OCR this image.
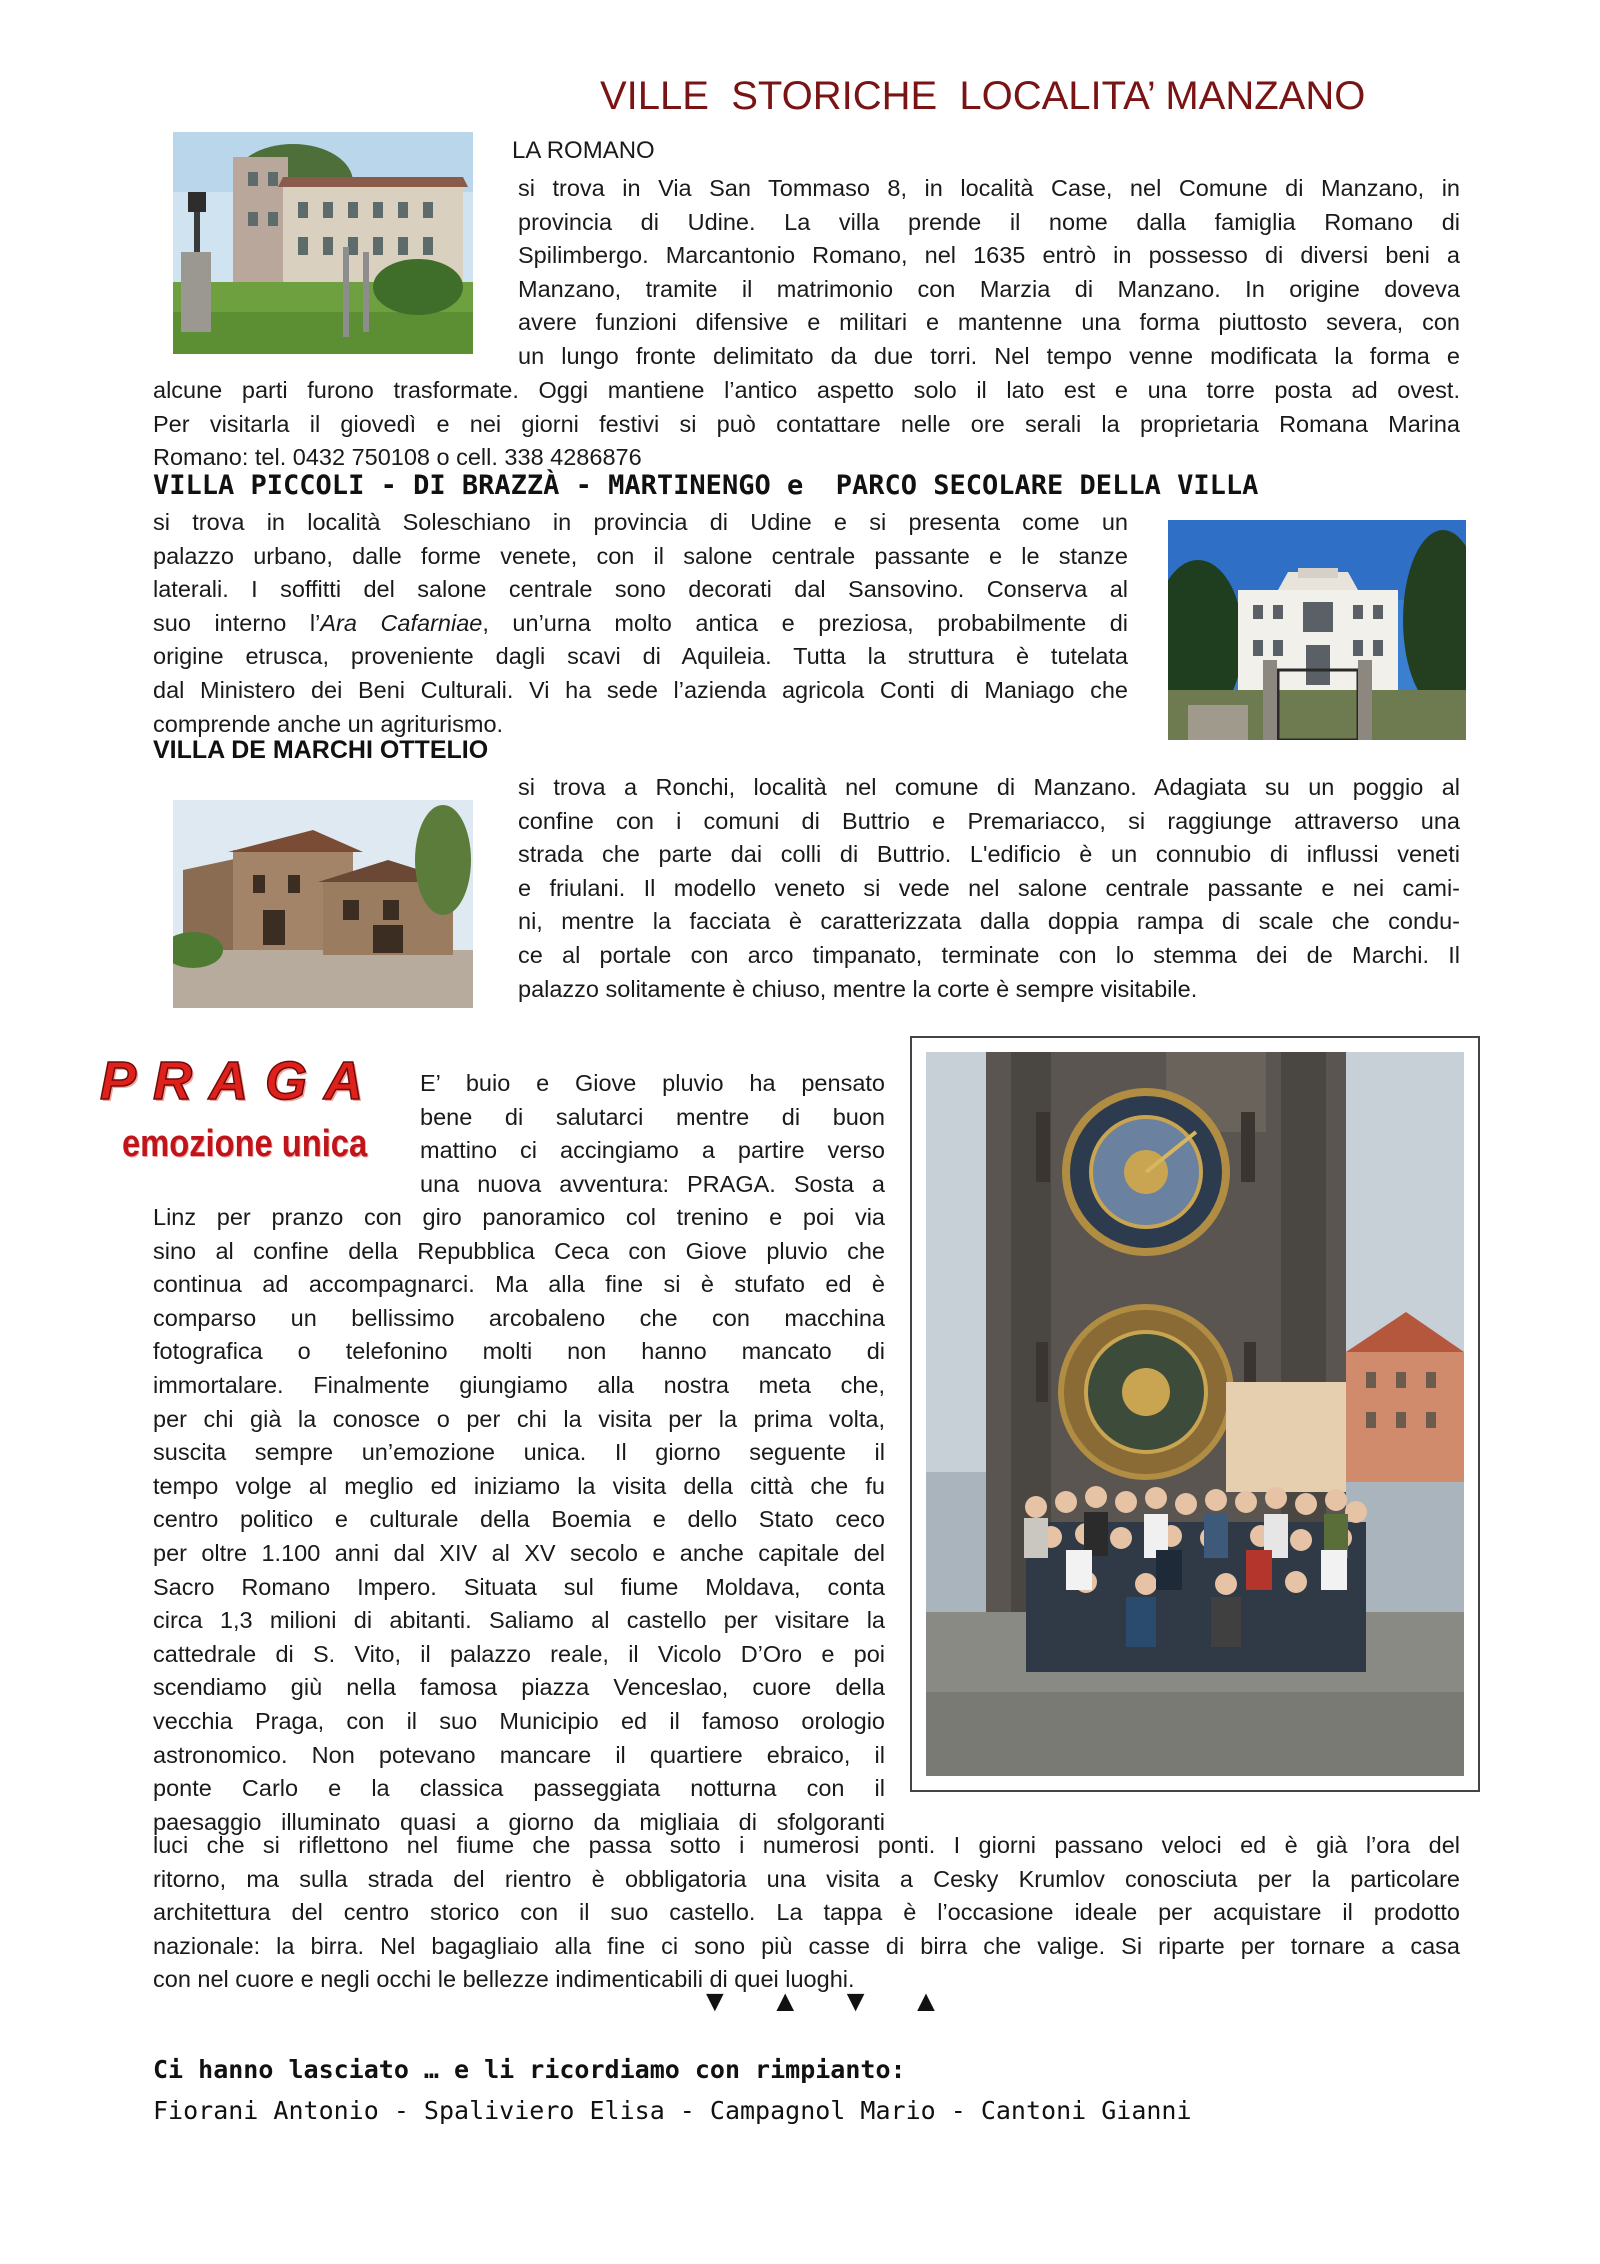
VILLE  STORICHE  LOCALITA’ MANZANO
LA ROMANO
si trova in Via San Tommaso 8, in località Case, nel Comune di Manzano, in
provincia di Udine. La villa prende il nome dalla famiglia Romano di
Spilimbergo. Marcantonio Romano, nel 1635 entrò in possesso di diversi beni a
Manzano, tramite il matrimonio con Marzia di Manzano. In origine doveva
avere funzioni difensive e militari e mantenne una forma piuttosto severa, con
un lungo fronte delimitato da due torri. Nel tempo venne modificata la forma e
alcune parti furono trasformate. Oggi mantiene l’antico aspetto solo il lato est e una torre posta ad ovest.
Per visitarla il giovedì e nei giorni festivi si può contattare nelle ore serali la proprietaria Romana Marina
Romano: tel. 0432 750108 o cell. 338 4286876
VILLA PICCOLI - DI BRAZZÀ - MARTINENGO e  PARCO SECOLARE DELLA VILLA
si trova in località Soleschiano in provincia di Udine e si presenta come un
palazzo urbano, dalle forme venete, con il salone centrale passante e le stanze
laterali. I soffitti del salone centrale sono decorati dal Sansovino. Conserva al
suo interno l’Ara Cafarniae, un’urna molto antica e preziosa, probabilmente di
origine etrusca, proveniente dagli scavi di Aquileia. Tutta la struttura è tutelata
dal Ministero dei Beni Culturali. Vi ha sede l’azienda agricola Conti di Maniago che
comprende anche un agriturismo.
VILLA DE MARCHI OTTELIO
si trova a Ronchi, località nel comune di Manzano. Adagiata su un poggio al
confine con i comuni di Buttrio e Premariacco, si raggiunge attraverso una
strada che parte dai colli di Buttrio. L'edificio è un connubio di influssi veneti
e friulani. Il modello veneto si vede nel salone centrale passante e nei cami-
ni, mentre la facciata è caratterizzata dalla doppia rampa di scale che condu-
ce al portale con arco timpanato, terminate con lo stemma dei de Marchi. Il
palazzo solitamente è chiuso, mentre la corte è sempre visitabile.
P R A G A
emozione unica
E’ buio e Giove pluvio ha pensato
bene di salutarci mentre di buon
mattino ci accingiamo a partire verso
una nuova avventura: PRAGA. Sosta a
Linz per pranzo con giro panoramico col trenino e poi via
sino al confine della Repubblica Ceca con Giove pluvio che
continua ad accompagnarci. Ma alla fine si è stufato ed è
comparso un bellissimo arcobaleno che con macchina
fotografica o telefonino molti non hanno mancato di
immortalare. Finalmente giungiamo alla nostra meta che,
per chi già la conosce o per chi la visita per la prima volta,
suscita sempre un’emozione unica. Il giorno seguente il
tempo volge al meglio ed iniziamo la visita della città che fu
centro politico e culturale della Boemia e dello Stato ceco
per oltre 1.100 anni dal XIV al XV secolo e anche capitale del
Sacro Romano Impero. Situata sul fiume Moldava, conta
circa 1,3 milioni di abitanti. Saliamo al castello per visitare la
cattedrale di S. Vito, il palazzo reale, il Vicolo D’Oro e poi
scendiamo giù nella famosa piazza Venceslao, cuore della
vecchia Praga, con il suo Municipio ed il famoso orologio
astronomico. Non potevano mancare il quartiere ebraico, il
ponte Carlo e la classica passeggiata notturna con il
paesaggio illuminato quasi a giorno da migliaia di sfolgoranti
luci che si riflettono nel fiume che passa sotto i numerosi ponti. I giorni passano veloci ed è già l’ora del
ritorno, ma sulla strada del rientro è obbligatoria una visita a Cesky Krumlov conosciuta per la particolare
architettura del centro storico con il suo castello. La tappa è l’occasione ideale per acquistare il prodotto
nazionale: la birra. Nel bagagliaio alla fine ci sono più casse di birra che valige. Si riparte per tornare a casa
con nel cuore e negli occhi le bellezze indimenticabili di quei luoghi.
▼  ▲  ▼  ▲
Ci hanno lasciato … e li ricordiamo con rimpianto:
Fiorani Antonio - Spaliviero Elisa - Campagnol Mario - Cantoni Gianni
